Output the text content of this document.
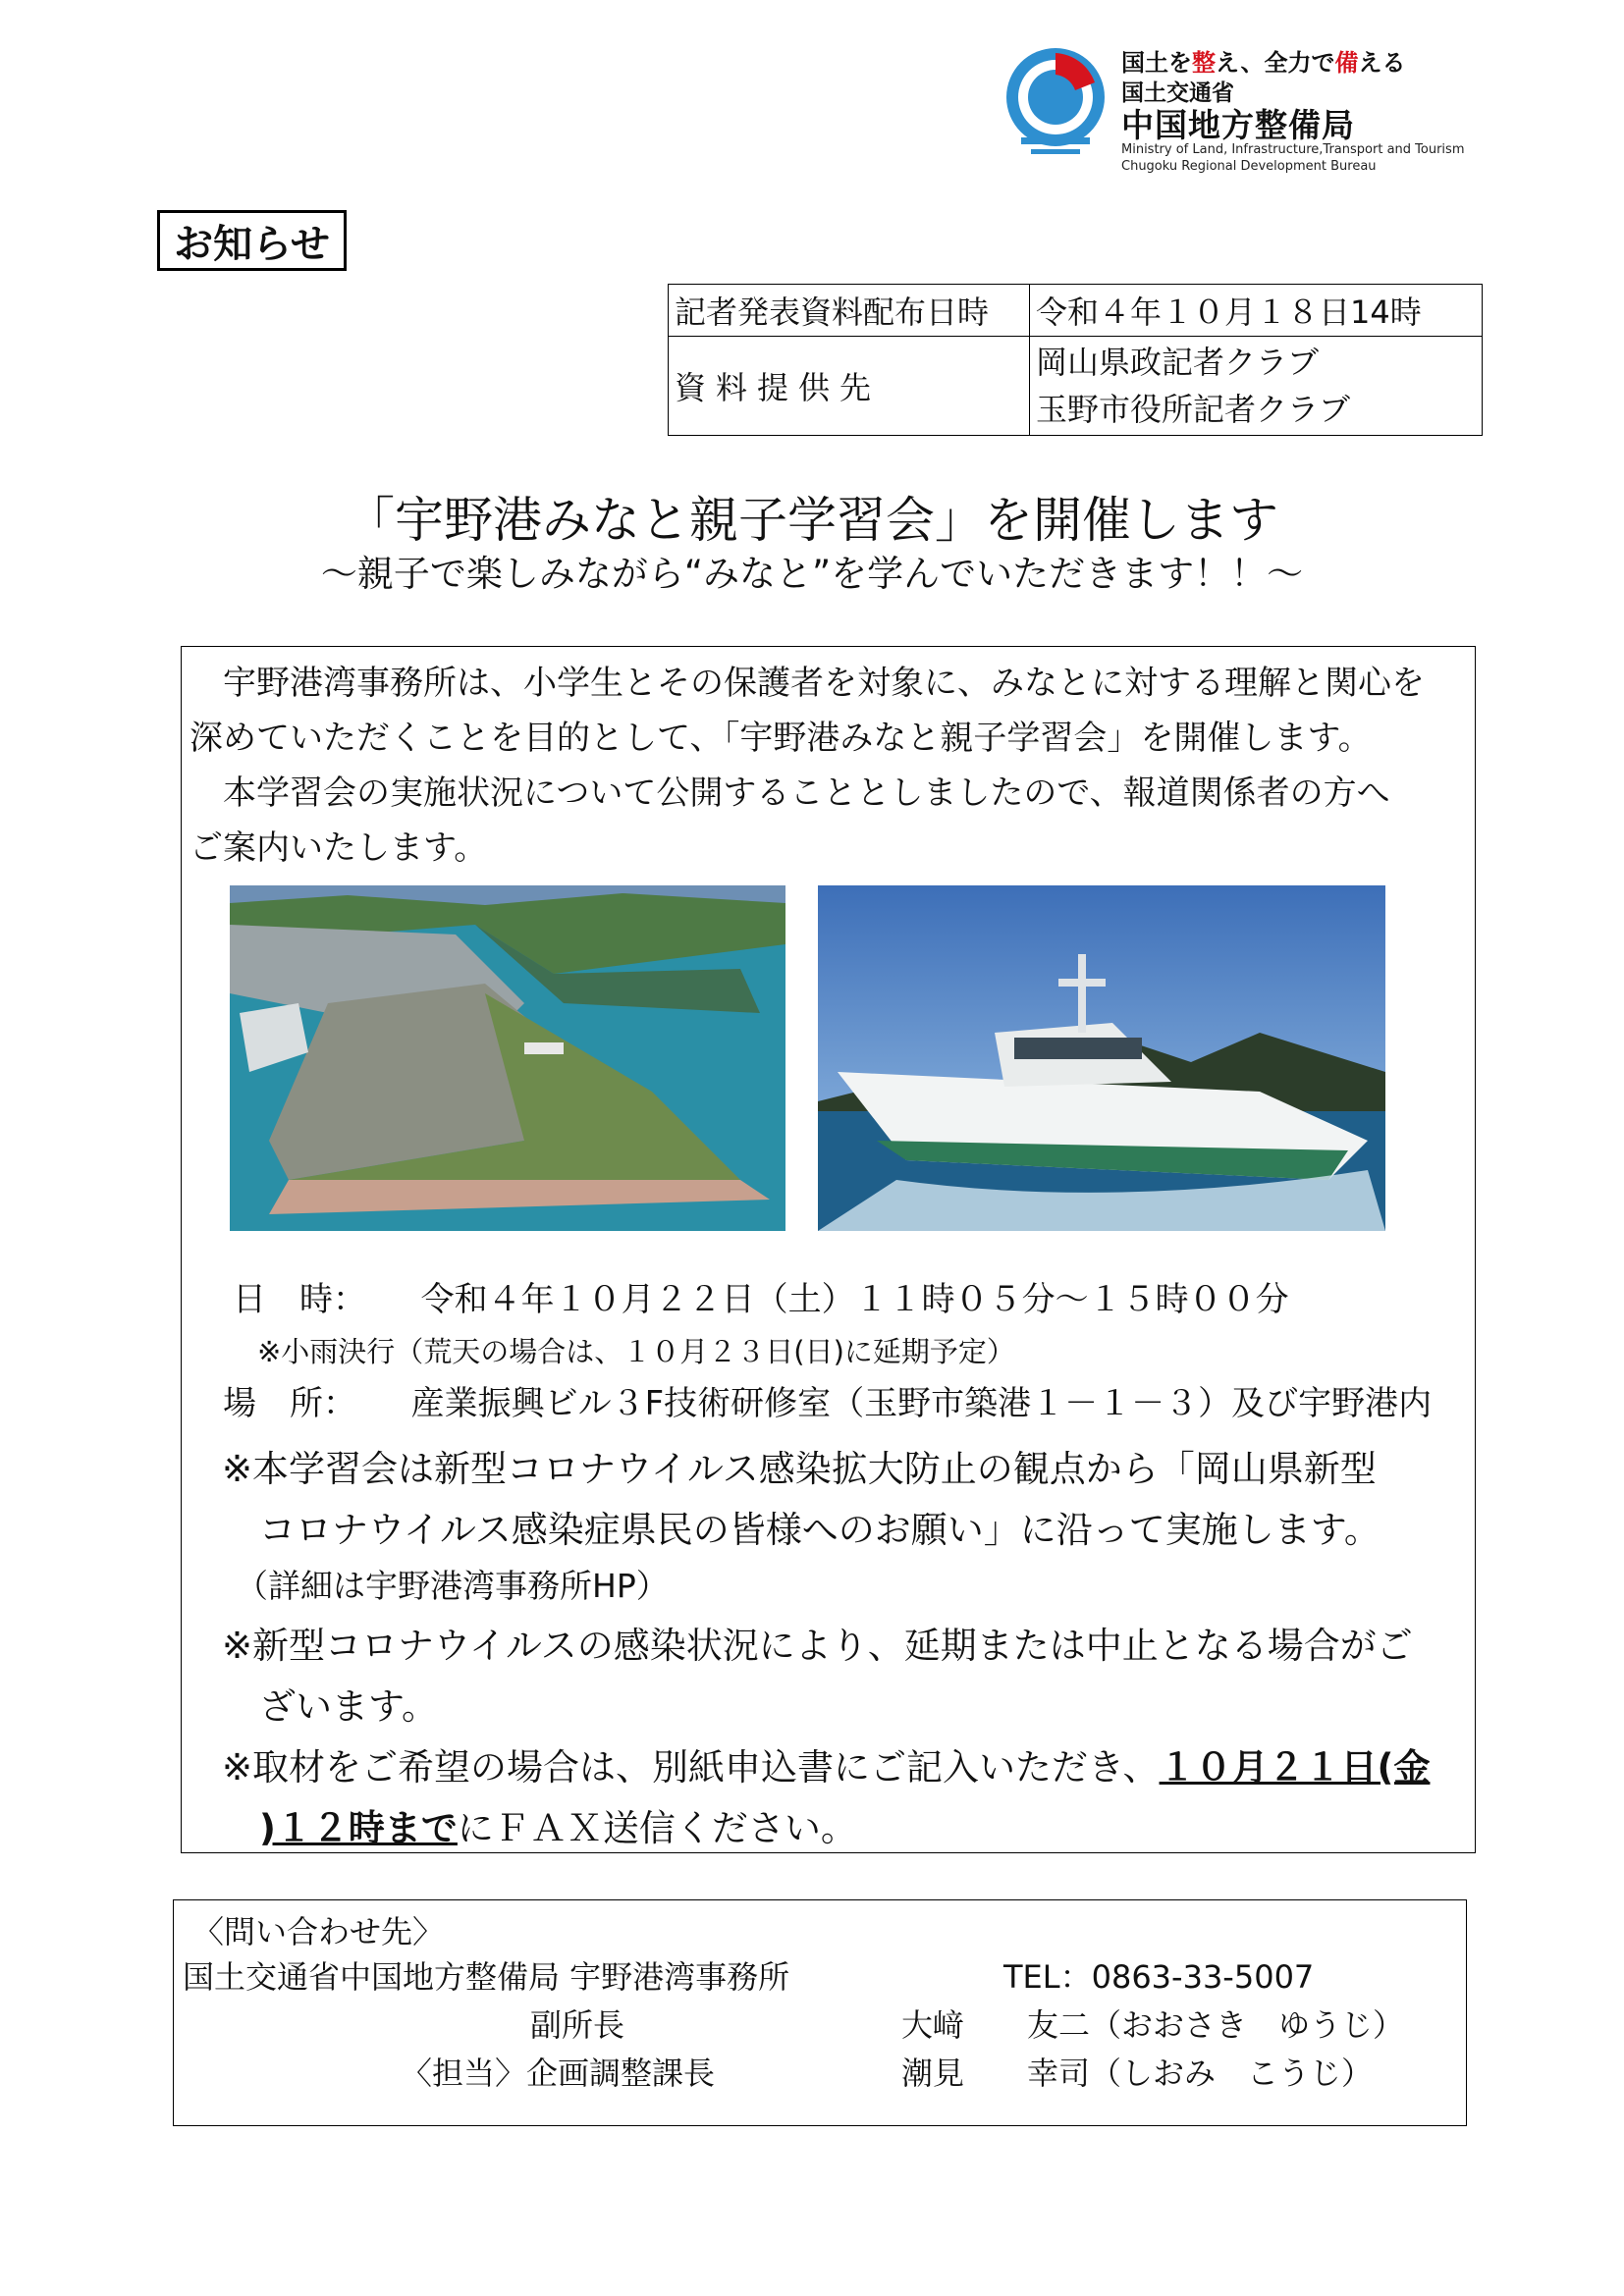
国土を整え、全力で備える
国土交通省
中国地方整備局
Ministry of Land, Infrastructure,Transport and Tourism
Chugoku Regional Development Bureau
お知らせ
記者発表資料配布日時	令和４年１０月１８日14時
資料提供先	岡山県政記者クラブ
玉野市役所記者クラブ
「宇野港みなと親子学習会」を開催します
～親子で楽しみながら“みなと”を学んでいただきます！！～
　宇野港湾事務所は、小学生とその保護者を対象に、みなとに対する理解と関心を
深めていただくことを目的として、「宇野港みなと親子学習会」を開催します。
　本学習会の実施状況について公開することとしましたので、報道関係者の方へ
ご案内いたします。
日　時： 令和４年１０月２２日（土）１１時０５分～１５時００分
※小雨決行（荒天の場合は、１０月２３日(日)に延期予定）
場　所： 産業振興ビル３F技術研修室（玉野市築港１－１－３）及び宇野港内
※本学習会は新型コロナウイルス感染拡大防止の観点から「岡山県新型
コロナウイルス感染症県民の皆様へのお願い」に沿って実施します。
（詳細は宇野港湾事務所HP）
※新型コロナウイルスの感染状況により、延期または中止となる場合がご
ざいます。
※取材をご希望の場合は、別紙申込書にご記入いただき、１０月２１日(金
)１２時までにＦＡＸ送信ください。
〈問い合わせ先〉
国土交通省中国地方整備局 宇野港湾事務所	TEL：0863-33-5007
副所長	大﨑　　友二（おおさき　ゆうじ）
〈担当〉企画調整課長	潮見　　幸司（しおみ　こうじ）
